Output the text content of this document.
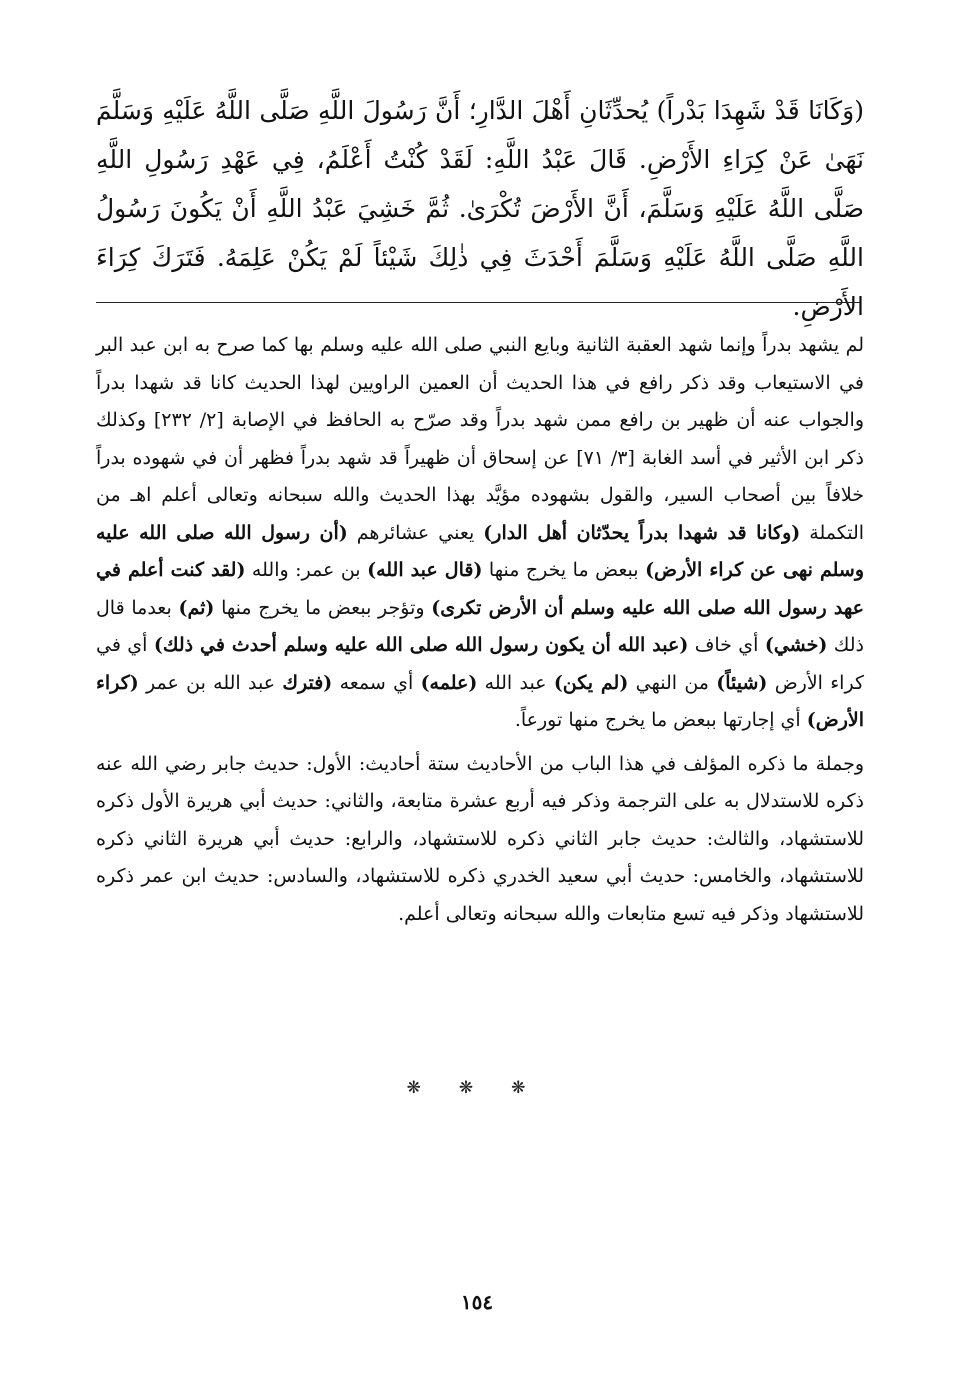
(وَكَانَا قَدْ شَهِدَا بَدْراً) يُحدِّثَانِ أَهْلَ الدَّارِ؛ أَنَّ رَسُولَ اللَّهِ صَلَّى اللَّهُ عَلَيْهِ وَسَلَّمَ نَهَىٰ عَنْ كِرَاءِ الأَرْضِ. قَالَ عَبْدُ اللَّهِ: لَقَدْ كُنْتُ أَعْلَمُ، فِي عَهْدِ رَسُولِ اللَّهِ صَلَّى اللَّهُ عَلَيْهِ وَسَلَّمَ، أَنَّ الأَرْضَ تُكْرَىٰ. ثُمَّ خَشِيَ عَبْدُ اللَّهِ أَنْ يَكُونَ رَسُولُ اللَّهِ صَلَّى اللَّهُ عَلَيْهِ وَسَلَّمَ أَحْدَثَ فِي ذٰلِكَ شَيْئاً لَمْ يَكُنْ عَلِمَهُ. فَتَرَكَ كِرَاءَ الأَرْضِ.

لم يشهد بدراً وإنما شهد العقبة الثانية وبايع النبي صلى الله عليه وسلم بها كما صرح به ابن عبد البر في الاستيعاب وقد ذكر رافع في هذا الحديث أن العمين الراويين لهذا الحديث كانا قد شهدا بدراً والجواب عنه أن ظهير بن رافع ممن شهد بدراً وقد صرّح به الحافظ في الإصابة [٢/ ٢٣٢] وكذلك ذكر ابن الأثير في أسد الغابة [٣/ ٧١] عن إسحاق أن ظهيراً قد شهد بدراً فظهر أن في شهوده بدراً خلافاً بين أصحاب السير، والقول بشهوده مؤيَّد بهذا الحديث والله سبحانه وتعالى أعلم اهـ من التكملة (وكانا قد شهدا بدراً يحدّثان أهل الدار) يعني عشائرهم (أن رسول الله صلى الله عليه وسلم نهى عن كراء الأرض) ببعض ما يخرج منها (قال عبد الله) بن عمر: والله (لقد كنت أعلم في عهد رسول الله صلى الله عليه وسلم أن الأرض تكرى) وتؤجر ببعض ما يخرج منها (ثم) بعدما قال ذلك (خشي) أي خاف (عبد الله أن يكون رسول الله صلى الله عليه وسلم أحدث في ذلك) أي في كراء الأرض (شيئاً) من النهي (لم يكن) عبد الله (علمه) أي سمعه (فترك عبد الله بن عمر (كراء الأرض) أي إجارتها ببعض ما يخرج منها تورعاً.

وجملة ما ذكره المؤلف في هذا الباب من الأحاديث ستة أحاديث: الأول: حديث جابر رضي الله عنه ذكره للاستدلال به على الترجمة وذكر فيه أربع عشرة متابعة، والثاني: حديث أبي هريرة الأول ذكره للاستشهاد، والثالث: حديث جابر الثاني ذكره للاستشهاد، والرابع: حديث أبي هريرة الثاني ذكره للاستشهاد، والخامس: حديث أبي سعيد الخدري ذكره للاستشهاد، والسادس: حديث ابن عمر ذكره للاستشهاد وذكر فيه تسع متابعات والله سبحانه وتعالى أعلم.

❋❋❋
١٥٤
